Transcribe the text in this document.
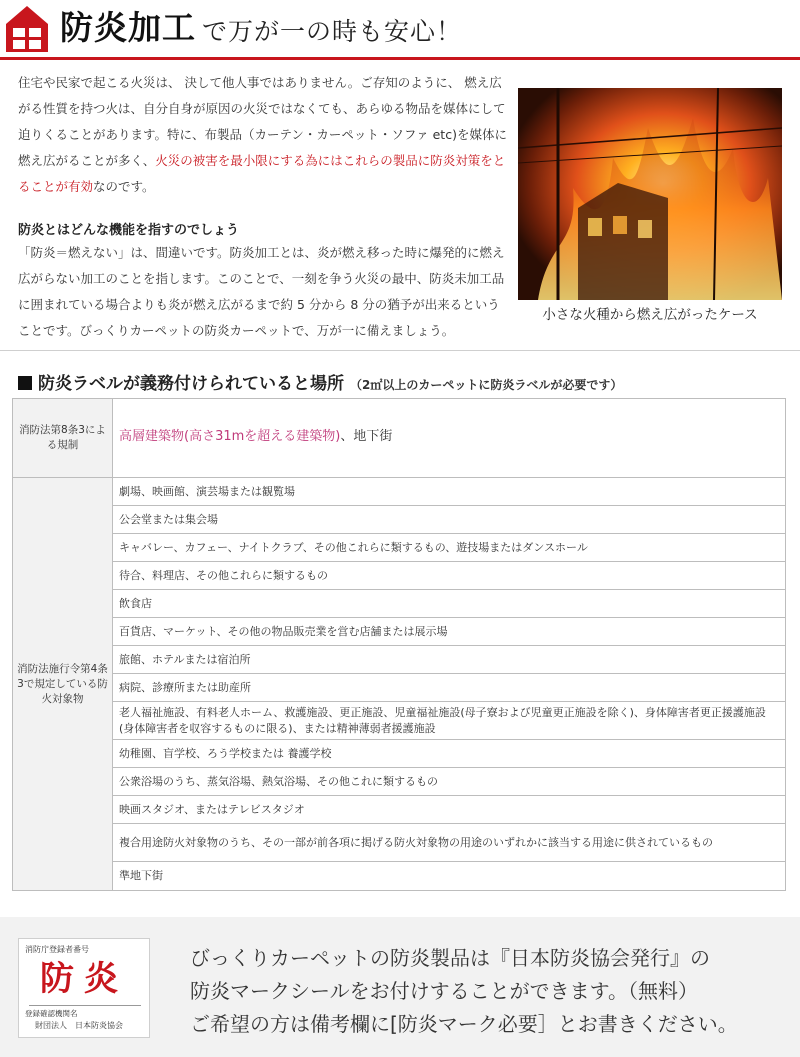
防炎加工 で万が一の時も安心！
住宅や民家で起こる火災は、 決して他人事ではありません。ご存知のように、 燃え広がる性質を持つ火は、自分自身が原因の火災ではなくても、あらゆる物品を媒体にして迫りくることがあります。特に、布製品（カーテン・カーペット・ソファ etc)を媒体に燃え広がることが多く、火災の被害を最小限にする為にはこれらの製品に防炎対策をとることが有効なのです。
防炎とはどんな機能を指すのでしょう
「防炎＝燃えない」は、間違いです。防炎加工とは、炎が燃え移った時に爆発的に燃え広がらない加工のことを指します。このことで、一刻を争う火災の最中、防炎未加工品に囲まれている場合よりも炎が燃え広がるまで約 5 分から 8 分の猶予が出来るということです。びっくりカーペットの防炎カーペットで、万が一に備えましょう。
小さな火種から燃え広がったケース
防炎ラベルが義務付けられていると場所 （2㎡以上のカーペットに防炎ラベルが必要です）
消防法第8条3による規制
高層建築物(高さ31mを超える建築物) 、地下街
消防法施行令第4条3で規定している防火対象物
劇場、映画館、演芸場または観覧場
公会堂または集会場
キャバレー、カフェー、ナイトクラブ、その他これらに類するもの、遊技場またはダンスホール
待合、料理店、その他これらに類するもの
飲食店
百貨店、マーケット、その他の物品販売業を営む店舗または展示場
旅館、ホテルまたは宿泊所
病院、診療所または助産所
老人福祉施設、有料老人ホーム、救護施設、更正施設、児童福祉施設(母子寮および児童更正施設を除く)、身体障害者更正援護施設(身体障害者を収容するものに限る)、または精神薄弱者援護施設
幼稚園、盲学校、ろう学校または 養護学校
公衆浴場のうち、蒸気浴場、熱気浴場、その他これに類するもの
映画スタジオ、またはテレビスタジオ
複合用途防火対象物のうち、その一部が前各項に掲げる防火対象物の用途のいずれかに該当する用途に供されているもの
準地下街
消防庁登録者番号
防炎
登録確認機関名
財団法人　日本防炎協会
びっくりカーペットの防炎製品は『日本防炎協会発行』の
防炎マークシールをお付けすることができます。（無料）
ご希望の方は備考欄に[防炎マーク必要］とお書きください。
